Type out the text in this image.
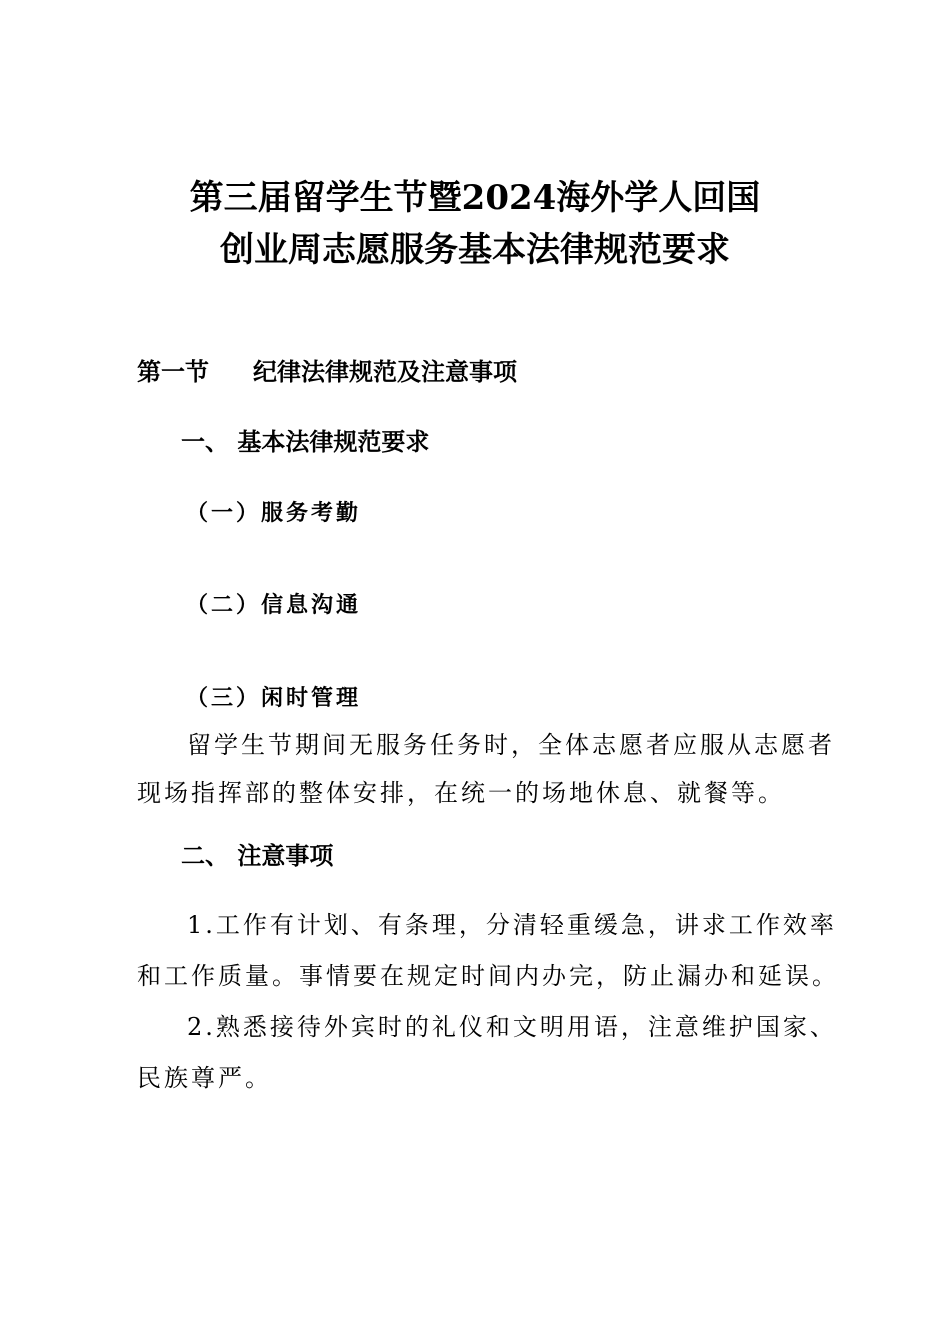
第三届留学生节暨2024海外学人回国
创业周志愿服务基本法律规范要求
第一节 纪律法律规范及注意事项
一、 基本法律规范要求
（一）服务考勤
（二）信息沟通
（三）闲时管理
留学生节期间无服务任务时，全体志愿者应服从志愿者
现场指挥部的整体安排，在统一的场地休息、就餐等。
二、 注意事项
1.工作有计划、有条理，分清轻重缓急，讲求工作效率
和工作质量。事情要在规定时间内办完，防止漏办和延误。
2.熟悉接待外宾时的礼仪和文明用语，注意维护国家、
民族尊严。
